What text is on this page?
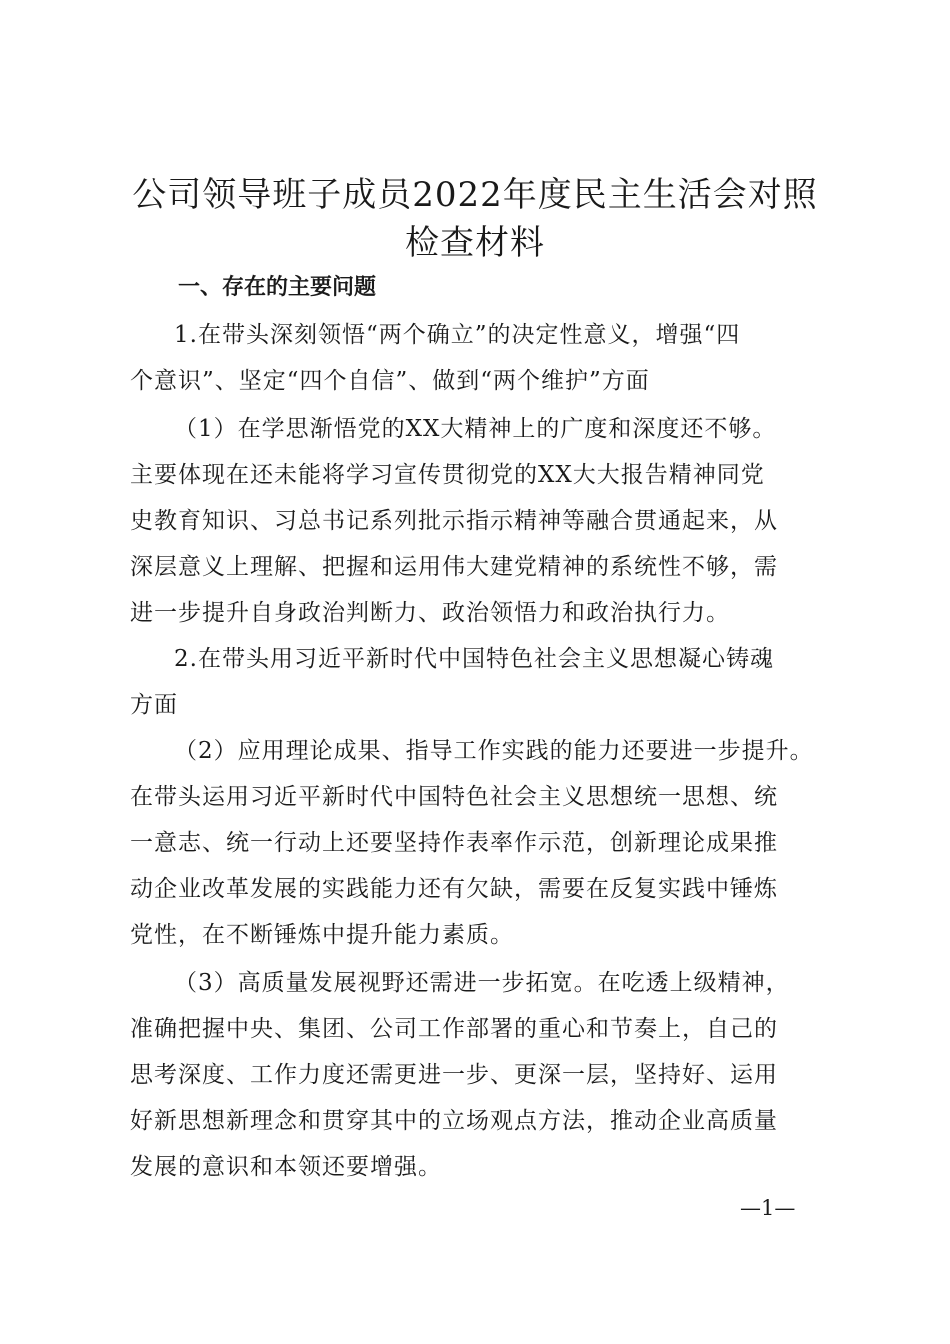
公司领导班子成员2022年度民主生活会对照
检查材料
一、存在的主要问题
1.在带头深刻领悟“两个确立”的决定性意义，增强“四
个意识”、坚定“四个自信”、做到“两个维护”方面
（1）在学思渐悟党的XX大精神上的广度和深度还不够。
主要体现在还未能将学习宣传贯彻党的XX大大报告精神同党
史教育知识、习总书记系列批示指示精神等融合贯通起来，从
深层意义上理解、把握和运用伟大建党精神的系统性不够，需
进一步提升自身政治判断力、政治领悟力和政治执行力。
2.在带头用习近平新时代中国特色社会主义思想凝心铸魂
方面
（2）应用理论成果、指导工作实践的能力还要进一步提升。
在带头运用习近平新时代中国特色社会主义思想统一思想、统
一意志、统一行动上还要坚持作表率作示范，创新理论成果推
动企业改革发展的实践能力还有欠缺，需要在反复实践中锤炼
党性，在不断锤炼中提升能力素质。
（3）高质量发展视野还需进一步拓宽。在吃透上级精神，
准确把握中央、集团、公司工作部署的重心和节奏上，自己的
思考深度、工作力度还需更进一步、更深一层，坚持好、运用
好新思想新理念和贯穿其中的立场观点方法，推动企业高质量
发展的意识和本领还要增强。
—1—
